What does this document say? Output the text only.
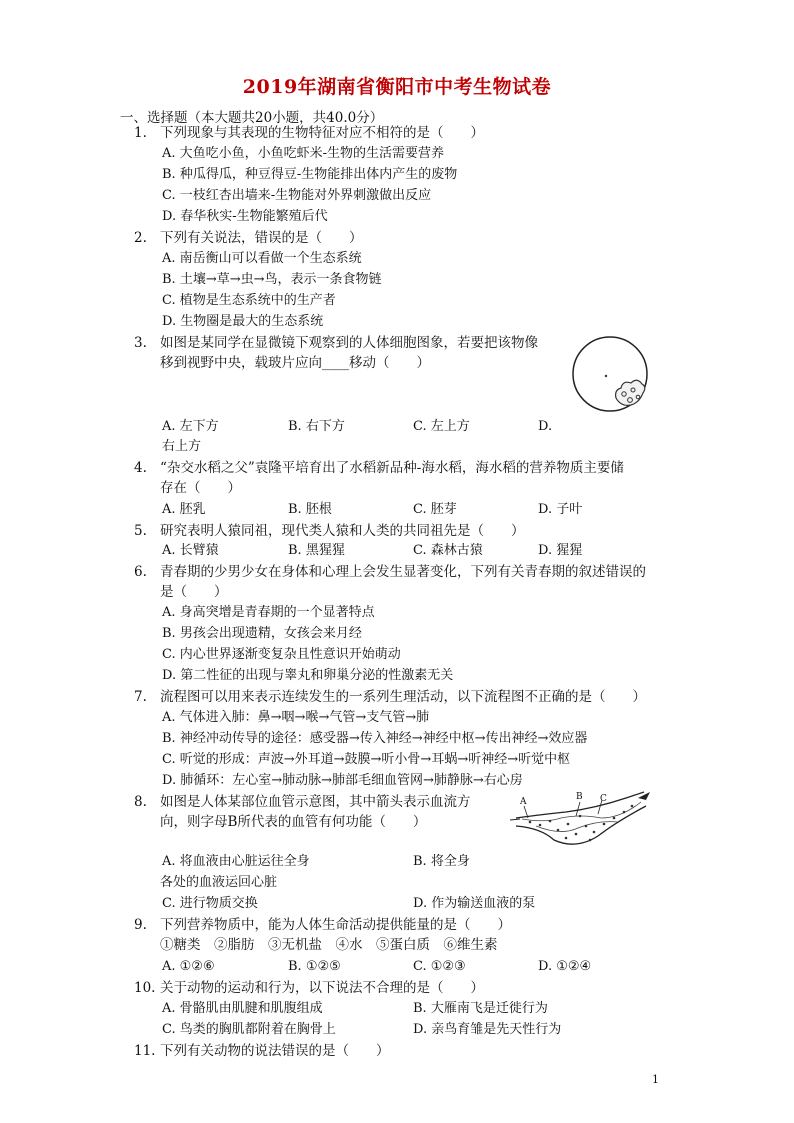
2019年湖南省衡阳市中考生物试卷
一、选择题（本大题共20小题，共40.0分）
1. 下列现象与其表现的生物特征对应不相符的是（　　）
A. 大鱼吃小鱼，小鱼吃虾米-生物的生活需要营养
B. 种瓜得瓜，种豆得豆-生物能排出体内产生的废物
C. 一枝红杏出墙来-生物能对外界刺激做出反应
D. 春华秋实-生物能繁殖后代
2. 下列有关说法，错误的是（　　）
A. 南岳衡山可以看做一个生态系统
B. 土壤→草→虫→鸟，表示一条食物链
C. 植物是生态系统中的生产者
D. 生物圈是最大的生态系统
3. 如图是某同学在显微镜下观察到的人体细胞图象，若要把该物像
移到视野中央，载玻片应向____移动（　　）
A. 左下方	B. 右下方	C. 左上方	D.
右上方
4. “杂交水稻之父”袁隆平培育出了水稻新品种-海水稻，海水稻的营养物质主要储
存在（　　）
A. 胚乳	B. 胚根	C. 胚芽	D. 子叶
5. 研究表明人猿同祖，现代类人猿和人类的共同祖先是（　　）
A. 长臂猿	B. 黑猩猩	C. 森林古猿	D. 猩猩
6. 青春期的少男少女在身体和心理上会发生显著变化，下列有关青春期的叙述错误的
是（　　）
A. 身高突增是青春期的一个显著特点
B. 男孩会出现遗精，女孩会来月经
C. 内心世界逐渐变复杂且性意识开始萌动
D. 第二性征的出现与睾丸和卵巢分泌的性激素无关
7. 流程图可以用来表示连续发生的一系列生理活动，以下流程图不正确的是（　　）
A. 气体进入肺：鼻→咽→喉→气管→支气管→肺
B. 神经冲动传导的途径：感受器→传入神经→神经中枢→传出神经→效应器
C. 听觉的形成：声波→外耳道→鼓膜→听小骨→耳蜗→听神经→听觉中枢
D. 肺循环：左心室→肺动脉→肺部毛细血管网→肺静脉→右心房
8. 如图是人体某部位血管示意图，其中箭头表示血流方
向，则字母B所代表的血管有何功能（　　）
A	B C
A. 将血液由心脏运往全身	B. 将全身
各处的血液运回心脏
C. 进行物质交换	D. 作为输送血液的泵
9. 下列营养物质中，能为人体生命活动提供能量的是（　　）
①糖类　②脂肪　③无机盐　④水　⑤蛋白质　⑥维生素
A. ①②⑥	B. ①②⑤	C. ①②③	D. ①②④
10. 关于动物的运动和行为，以下说法不合理的是（　　）
A. 骨骼肌由肌腱和肌腹组成	B. 大雁南飞是迁徙行为
C. 鸟类的胸肌都附着在胸骨上	D. 亲鸟育雏是先天性行为
11. 下列有关动物的说法错误的是（　　）
1
